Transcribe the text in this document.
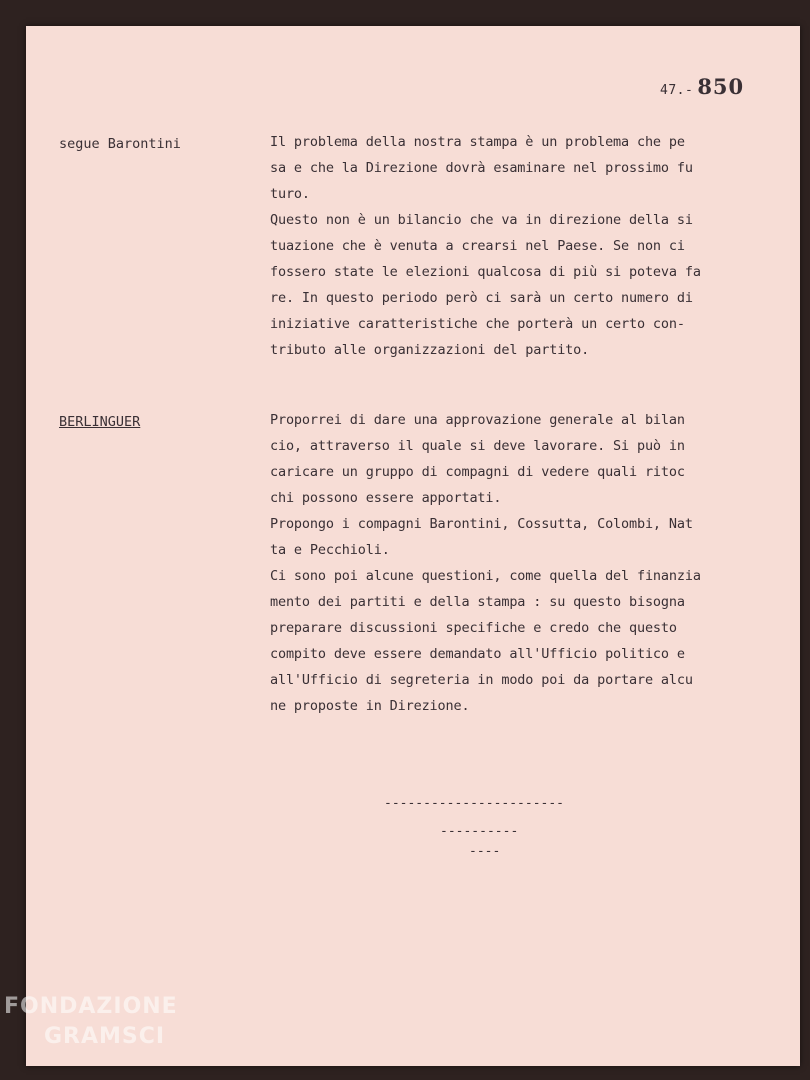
47.- 850
segue Barontini	Il problema della nostra stampa è un problema che pe
sa e che la Direzione dovrà esaminare nel prossimo fu
turo.
Questo non è un bilancio che va in direzione della si
tuazione che è venuta a crearsi nel Paese. Se non ci
fossero state le elezioni qualcosa di più si poteva fa
re. In questo periodo però ci sarà un certo numero di
iniziative caratteristiche che porterà un certo con-
tributo alle organizzazioni del partito.
BERLINGUER	Proporrei di dare una approvazione generale al bilan
cio, attraverso il quale si deve lavorare. Si può in
caricare un gruppo di compagni di vedere quali ritoc
chi possono essere apportati.
Propongo i compagni Barontini, Cossutta, Colombi, Nat
ta e Pecchioli.
Ci sono poi alcune questioni, come quella del finanzia
mento dei partiti e della stampa : su questo bisogna
preparare discussioni specifiche e credo che questo
compito deve essere demandato all'Ufficio politico e
all'Ufficio di segreteria in modo poi da portare alcu
ne proposte in Direzione.
-----------------------
----------
----
FONDAZIONE
GRAMSCI
